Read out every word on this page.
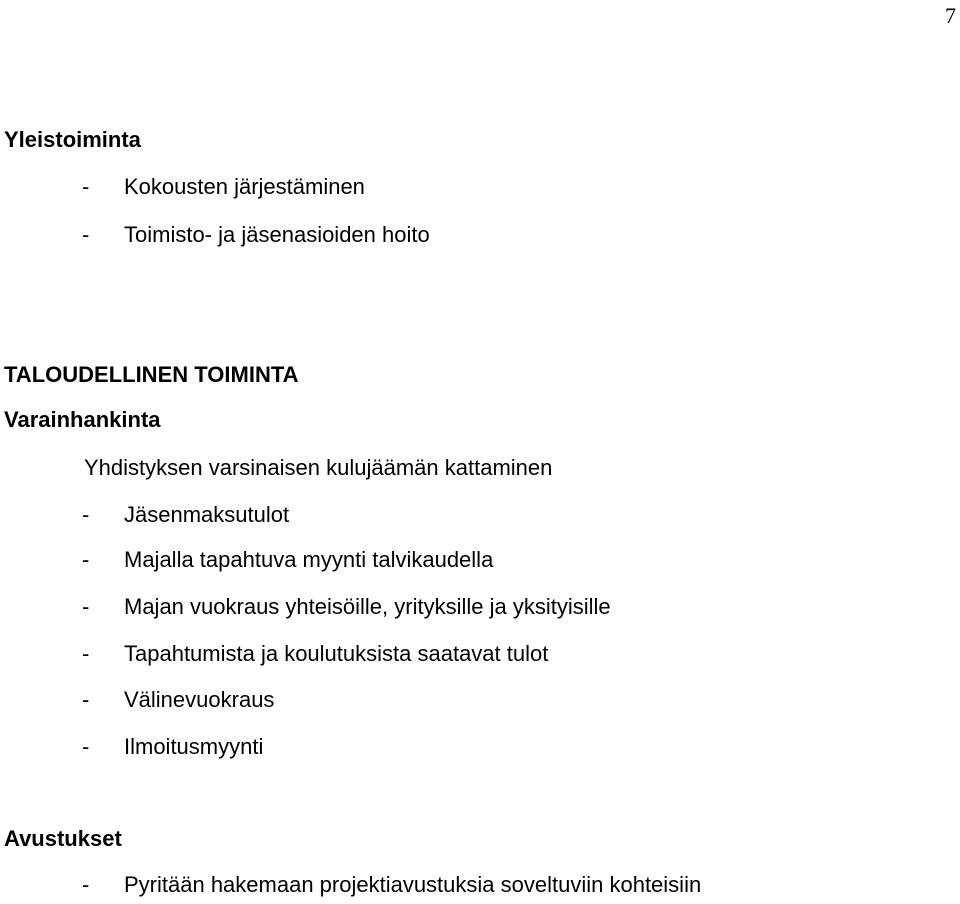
7
Yleistoiminta
- Kokousten järjestäminen
- Toimisto- ja jäsenasioiden hoito
TALOUDELLINEN TOIMINTA
Varainhankinta
Yhdistyksen varsinaisen kulujäämän kattaminen
- Jäsenmaksutulot
- Majalla tapahtuva myynti talvikaudella
- Majan vuokraus yhteisöille, yrityksille ja yksityisille
- Tapahtumista ja koulutuksista saatavat tulot
- Välinevuokraus
- Ilmoitusmyynti
Avustukset
- Pyritään hakemaan projektiavustuksia soveltuviin kohteisiin
